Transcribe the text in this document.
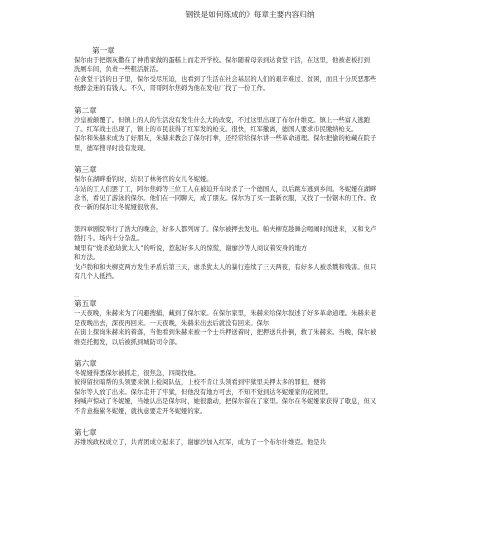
钢铁是如何炼成的》每章主要内容归纳
第一章
保尔由于把烟灰撒在了神甫家做的蛋糕上而走开学校。保尔随着母亲到达食堂干活，在这里，他被老板打到
洗厕车间，负责一些粗活脏活。
在食堂干活的日子里，保尔受尽压迫，也看到了生活在社会基层的人们的艰辛难过、贫困，而且十分厌恶那些
纸醉金迷的有钱人。不久，哥哥阿尔焦姆为他在发电厂找了一份工作。
第二章
沙皇被颠覆了。但镇上的人的生活没有发生什么大的改变，不过这里出现了布尔什维克。镇上一些富人逃跑
了。红军战士出现了，镇上的市民获得了红军发的枪支。很快，红军撤离，德国人要求市民缴纳枪支。
保尔和朱赫来成为了好朋友，朱赫来教会了保尔打拳，还经常给保尔讲一些革命道理。保尔把偷的枪藏在院子
里，德军搜寻时没有发现。
第三章
保尔在湖畔垂钓时，结识了林务官的女儿冬妮娅。
车站的工人们罢了工，阿尔焦姆等三位工人在被迫开车时杀了一个德国人，以后跳车逃到乡间。冬妮娅在湖畔
念书，看见了游泳的保尔。他们在一同聊天，成了朋友。保尔为了买一套新衣服，又找了一份锯木的工作。孜
孜一新的保尔让冬妮娅很欣喜。
第四章剧院举行了浩大的晚会，好多人都列席了。保尔被押去发电。帕夫柳克趁舞会喝闹时闯进来，又和戈卢
勃打斗。场内十分杂乱。
城里有“烧杀抢劫犹太人”的听说，惹起好多人的惊慌，谢廖沙等人商议着安身的地方
和方法。
戈卢勃和和夫柳克两方发生矛盾后第三天，虐杀犹太人的暴行连续了三天两夜，有好多人被杀戮和残害。但只
有几个人抵挡。
....
第五章
一天夜晚，朱赫来为了闪避搜捕，藏到了保尔家。在保尔家里，朱赫来给保尔叙述了好多革命道理。朱赫来老
是夜晚出去，深夜再回来。一天夜晚，朱赫来出去后就没有回来。保尔
在街上探询朱赫来的着落，当他看到朱赫来被一个士兵押送着时，把押送兵扑倒，救了朱赫来。当晚，保尔被
维克托揭发，以后被抓到城防司令部。
第六章
冬妮娅得悉保尔被抓走，很焦急，四周找他。
彼得留拉暗帮的头领要来镇上检阅队伍，上校不肯让头领看到牢狱里关押太多的罪犯，便将
保尔等人放了出来。保尔走开了牢狱，但他没有地方可去，不知不觉到达冬妮娅家的花园里。
狗喊声惊动了冬妮娅，当她认出是保尔时，她很激动，把保尔留在了家里。保尔在冬妮娅家获得了歇息，但又
不肯意拖累冬妮娅，就执意要走开冬妮娅的家。
第七章
苏维埃政权成立了，共青团成立起来了，谢廖沙加入红军，成为了一个布尔什维克。他是共
